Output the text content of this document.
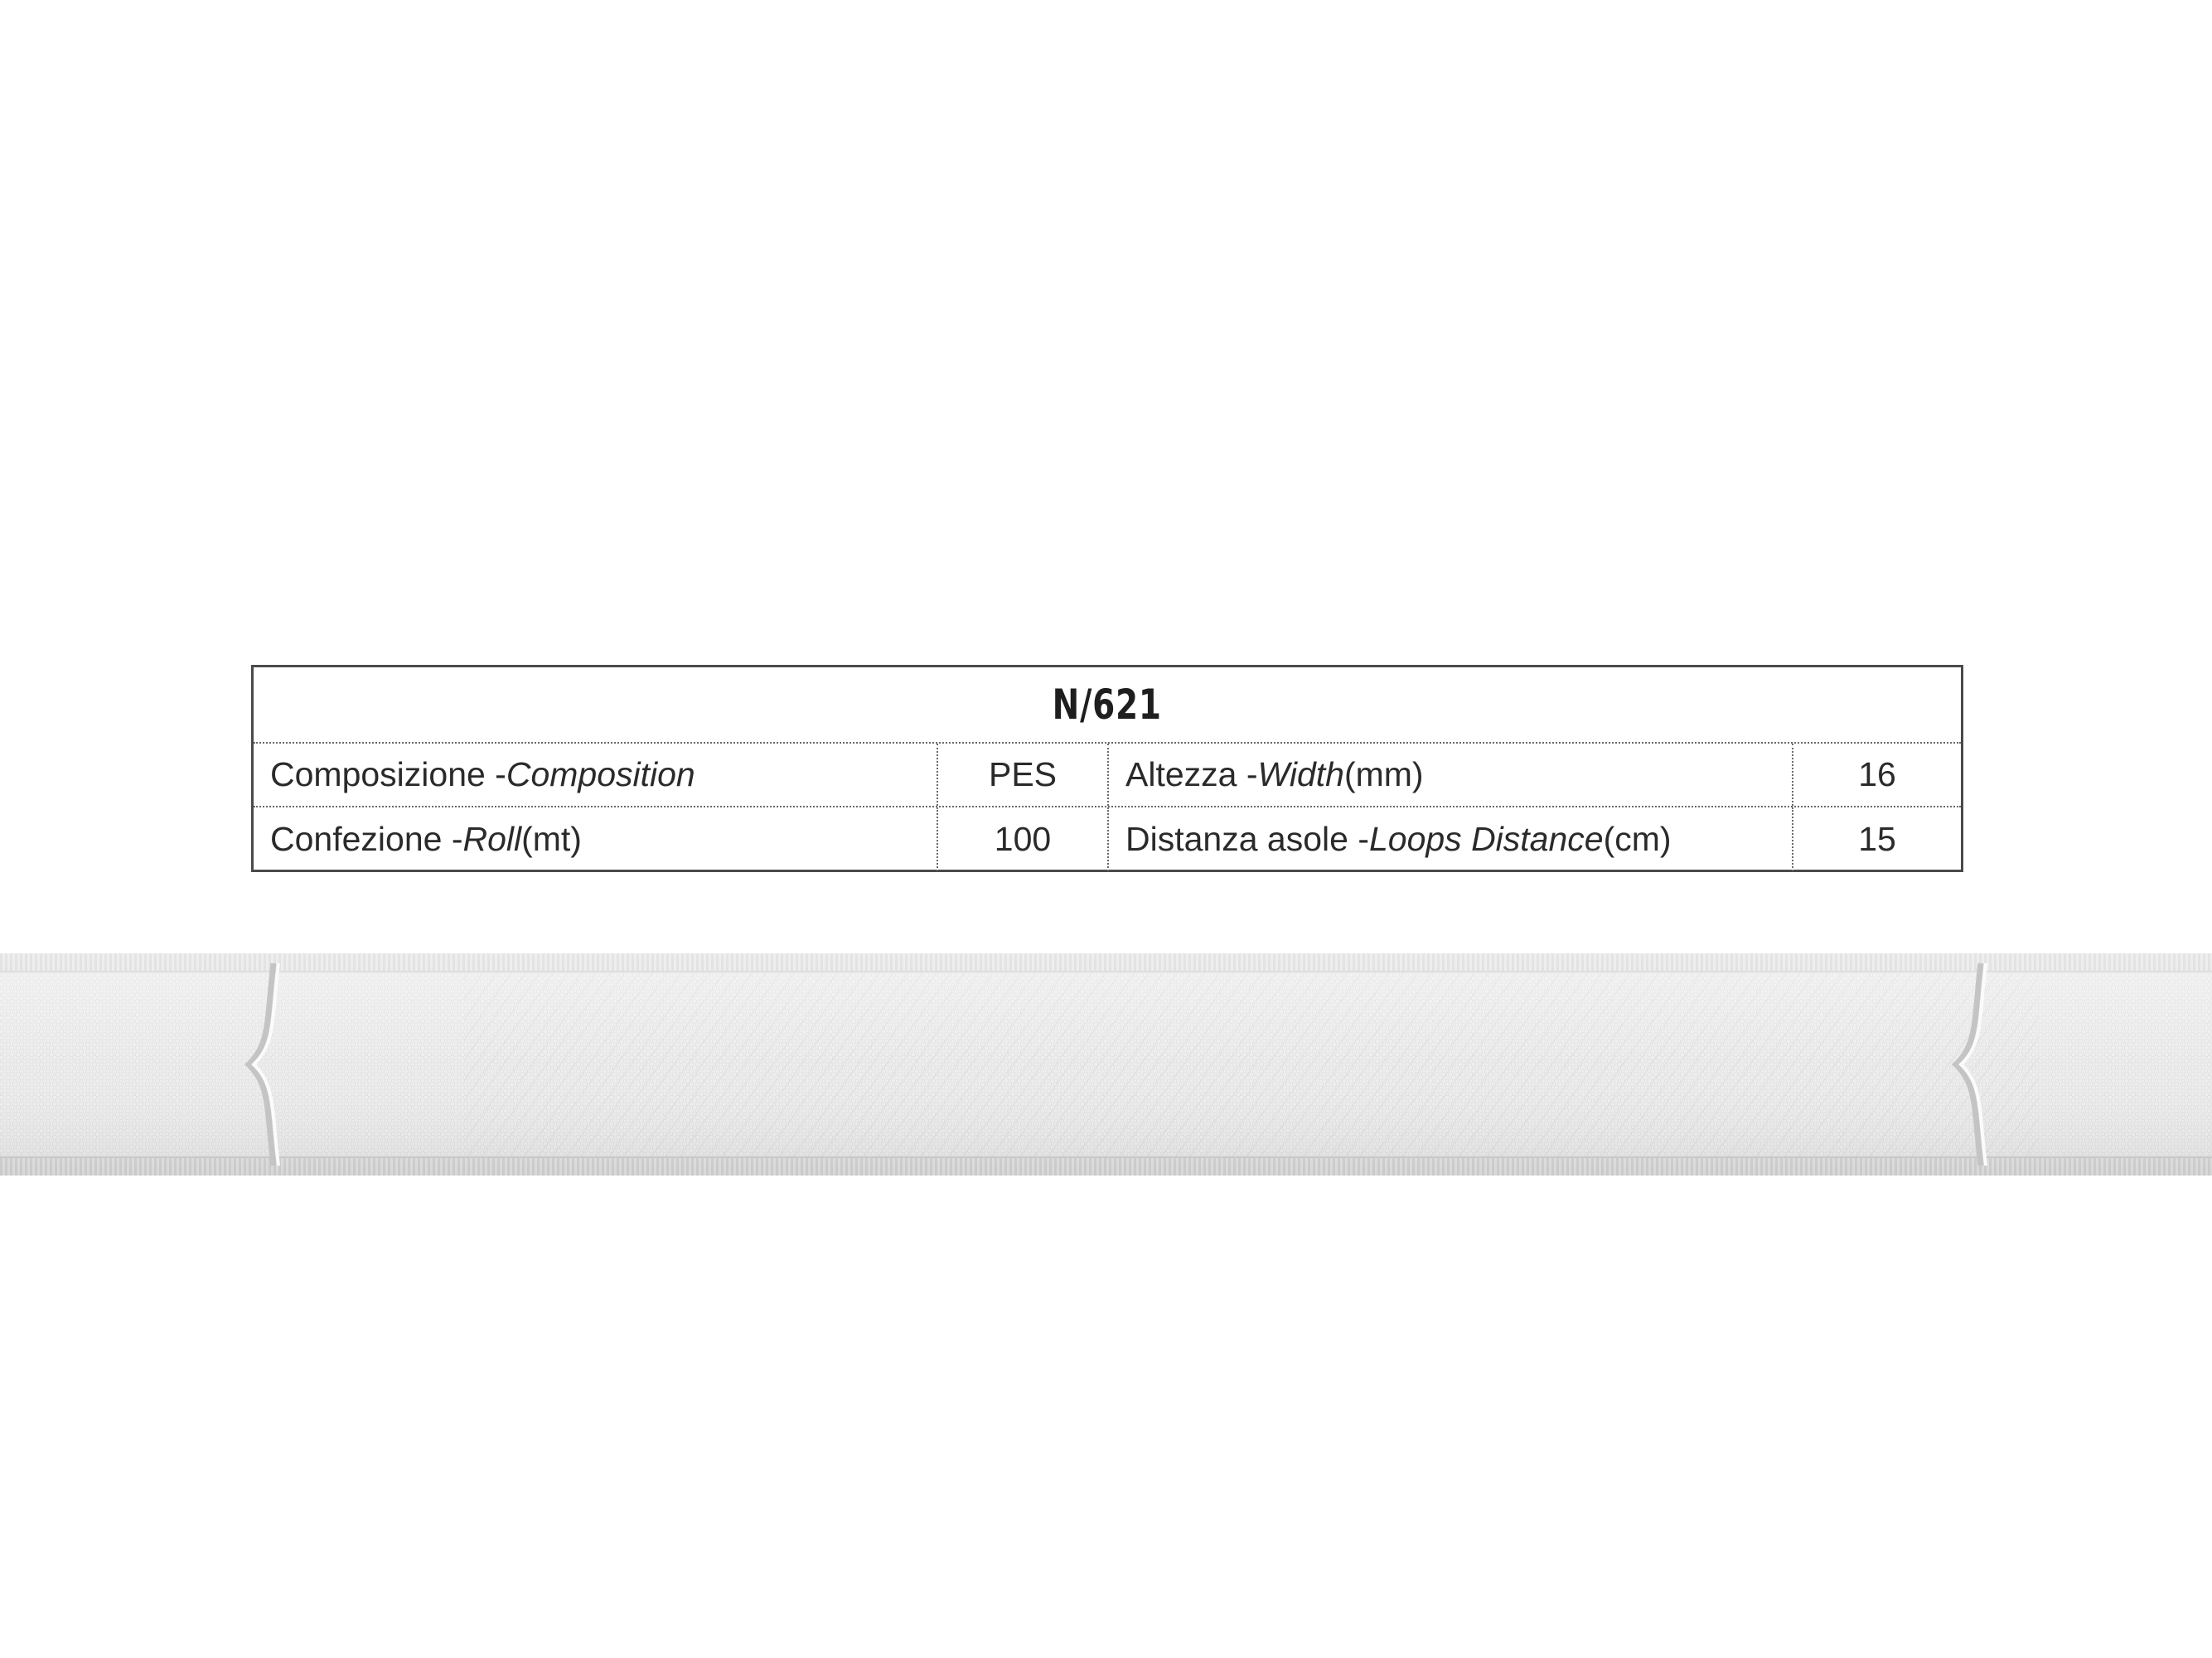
N/621
Composizione - Composition	PES	Altezza - Width (mm)	16
Confezione - Roll (mt)	100	Distanza asole - Loops Distance (cm)	15
